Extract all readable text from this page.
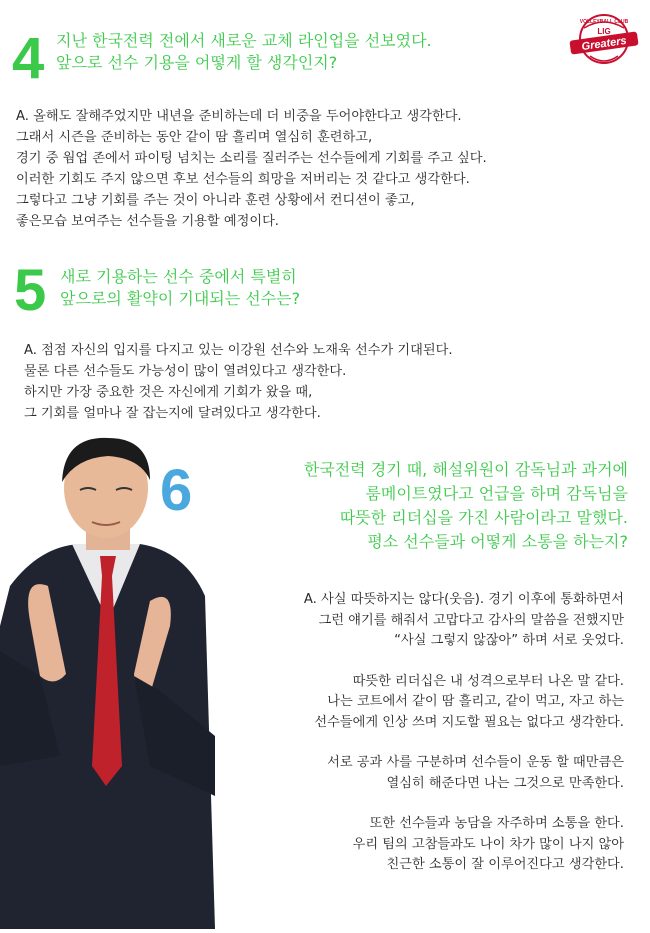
VOLLEYBALL CLUB
LIG
Greaters
4 지난 한국전력 전에서 새로운 교체 라인업을 선보였다.
앞으로 선수 기용을 어떻게 할 생각인지?
A. 올해도 잘해주었지만 내년을 준비하는데 더 비중을 두어야한다고 생각한다.
그래서 시즌을 준비하는 동안 같이 땀 흘리며 열심히 훈련하고,
경기 중 웜업 존에서 파이팅 넘치는 소리를 질러주는 선수들에게 기회를 주고 싶다.
이러한 기회도 주지 않으면 후보 선수들의 희망을 저버리는 것 같다고 생각한다.
그렇다고 그냥 기회를 주는 것이 아니라 훈련 상황에서 컨디션이 좋고,
좋은모습 보여주는 선수들을 기용할 예정이다.
5 새로 기용하는 선수 중에서 특별히
앞으로의 활약이 기대되는 선수는?
A. 점점 자신의 입지를 다지고 있는 이강원 선수와 노재욱 선수가 기대된다.
물론 다른 선수들도 가능성이 많이 열려있다고 생각한다.
하지만 가장 중요한 것은 자신에게 기회가 왔을 때,
그 기회를 얼마나 잘 잡는지에 달려있다고 생각한다.
6	한국전력 경기 때, 해설위원이 감독님과 과거에
룸메이트였다고 언급을 하며 감독님을
따뜻한 리더십을 가진 사람이라고 말했다.
평소 선수들과 어떻게 소통을 하는지?
A. 사실 따뜻하지는 않다(웃음). 경기 이후에 통화하면서
그런 얘기를 해줘서 고맙다고 감사의 말씀을 전했지만
“사실 그렇지 않잖아” 하며 서로 웃었다.
따뜻한 리더십은 내 성격으로부터 나온 말 같다.
나는 코트에서 같이 땀 흘리고, 같이 먹고, 자고 하는
선수들에게 인상 쓰며 지도할 필요는 없다고 생각한다.
서로 공과 사를 구분하며 선수들이 운동 할 때만큼은
열심히 해준다면 나는 그것으로 만족한다.
또한 선수들과 농담을 자주하며 소통을 한다.
우리 팀의 고참들과도 나이 차가 많이 나지 않아
친근한 소통이 잘 이루어진다고 생각한다.
